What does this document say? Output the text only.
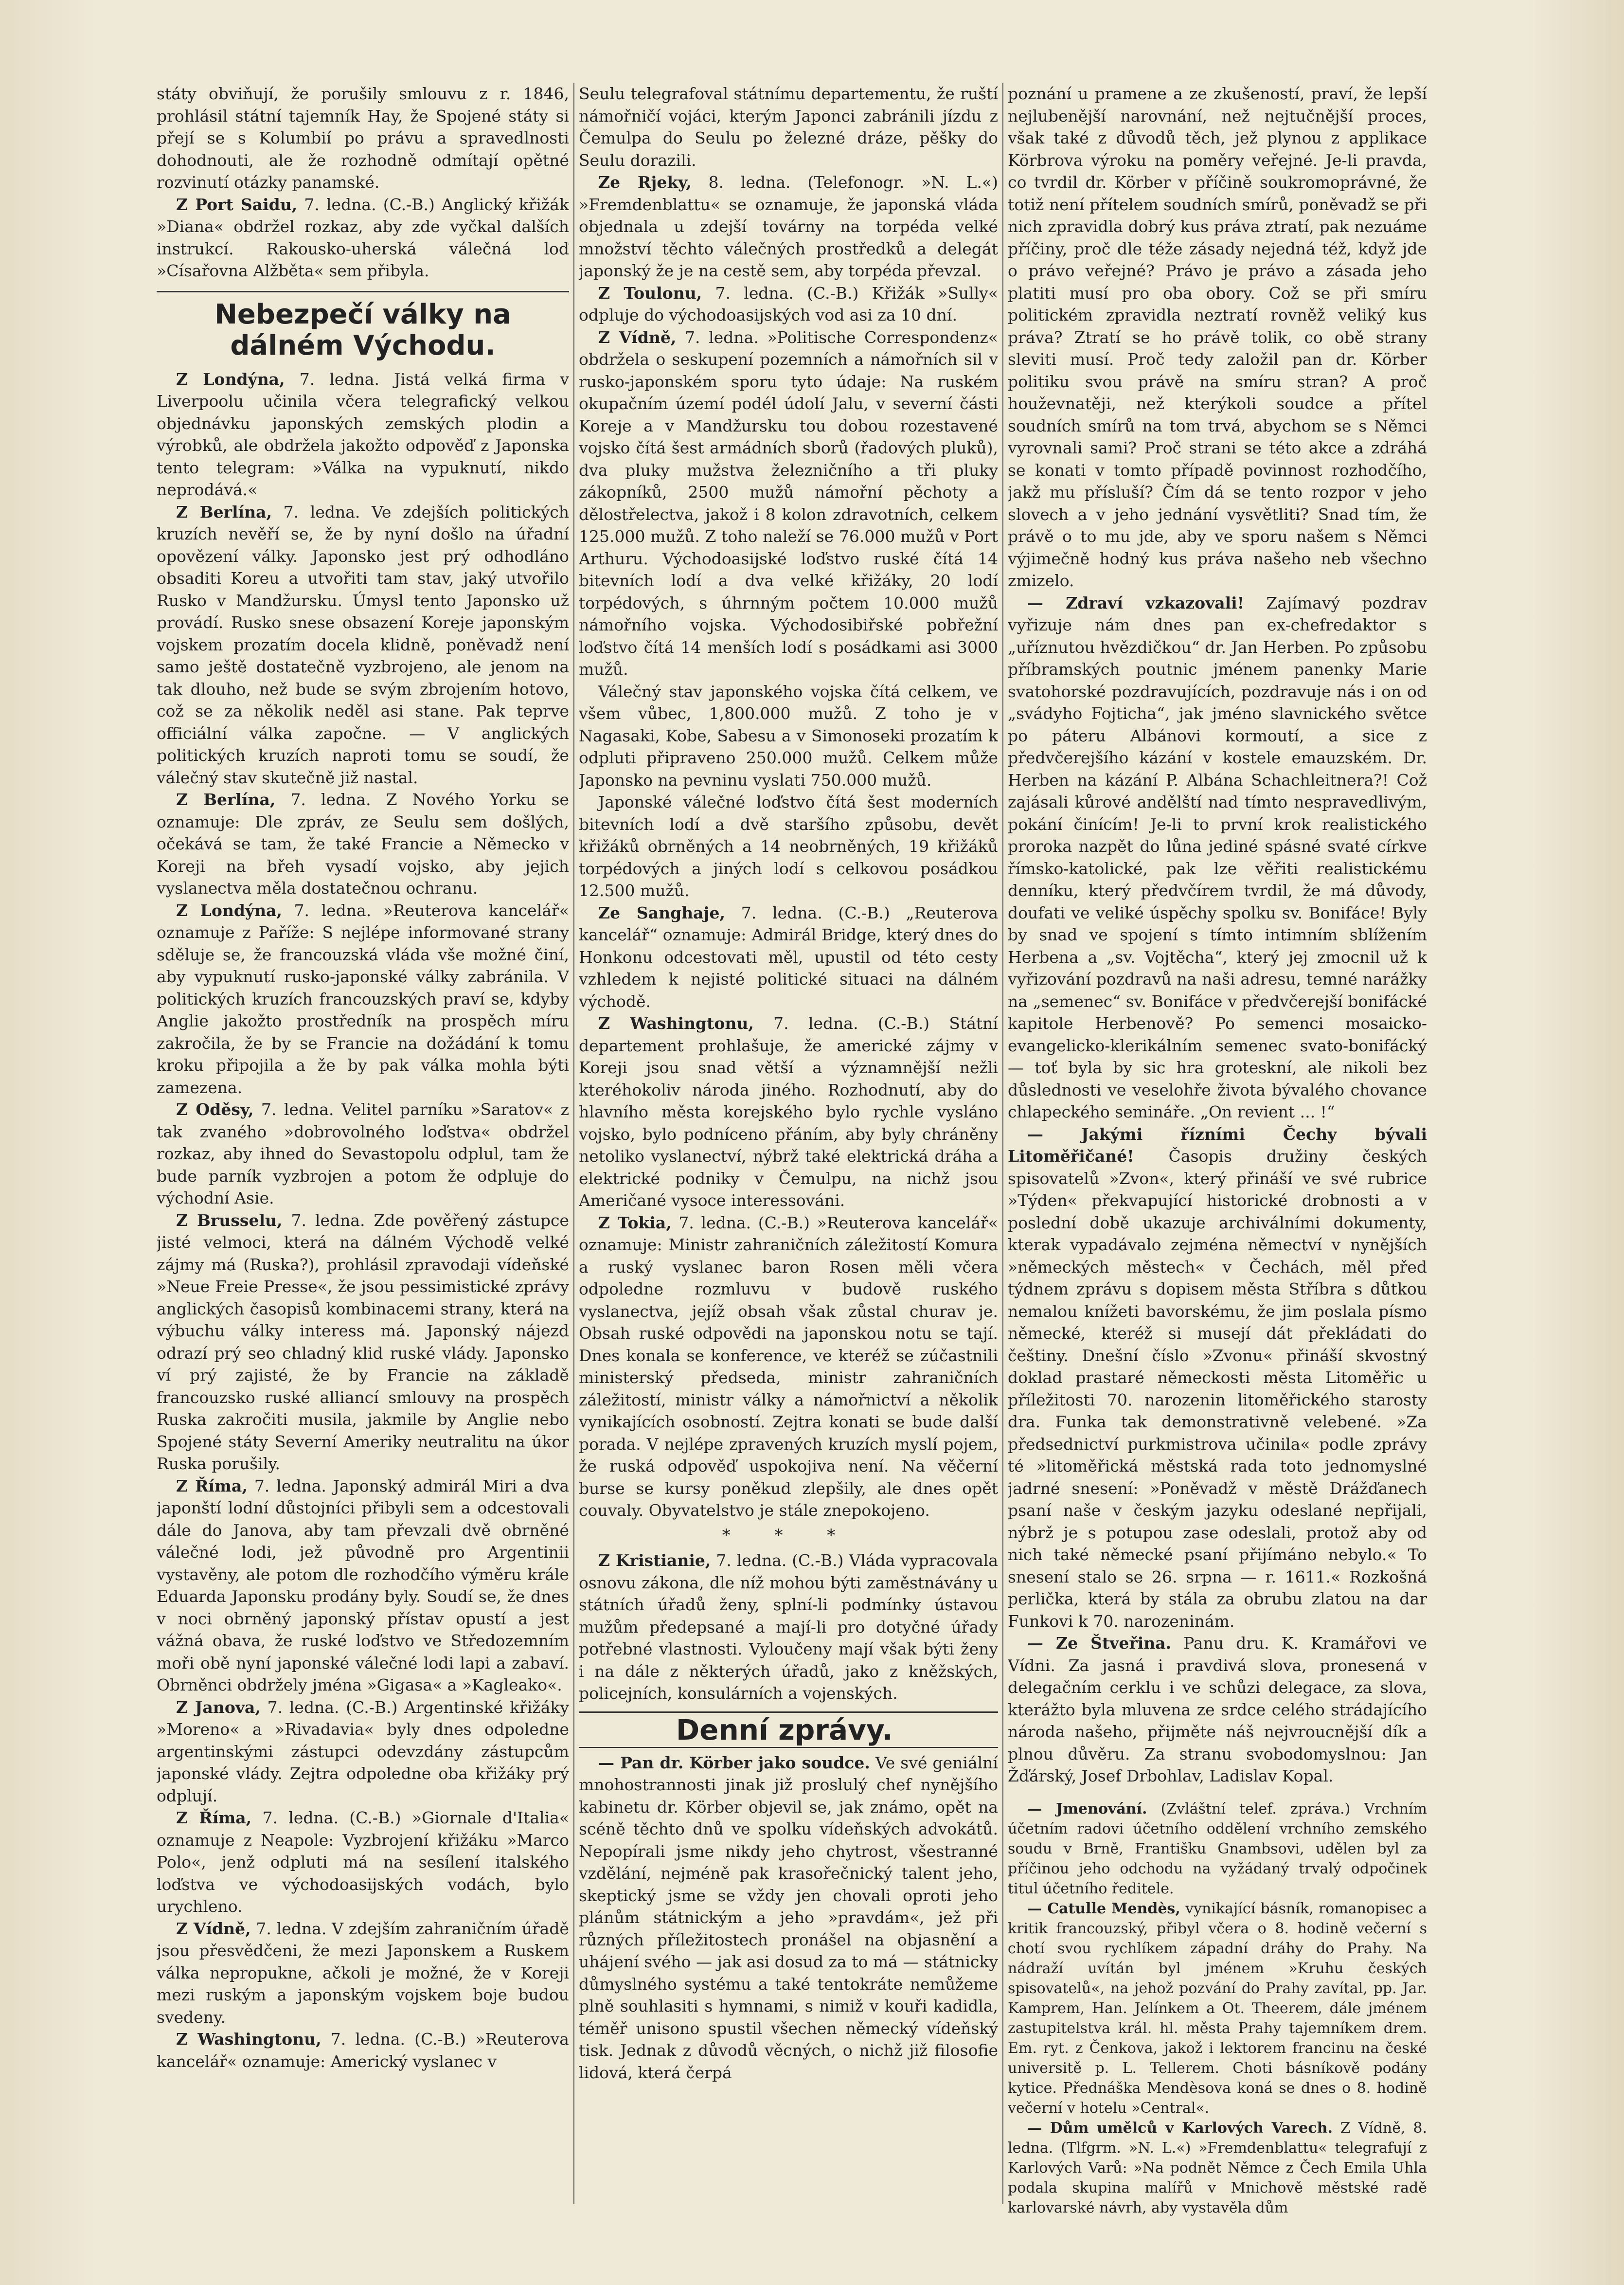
státy obviňují, že porušily smlouvu z r. 1846, prohlásil státní tajemník Hay, že Spojené státy si přejí se s Kolumbií po právu a spravedlnosti dohodnouti, ale že rozhodně odmítají opětné rozvinutí otázky panamské.

Z Port Saidu, 7. ledna. (C.-B.) Anglický křižák »Diana« obdržel rozkaz, aby zde vyčkal dalších instrukcí. Rakousko-uherská válečná loď »Císařovna Alžběta« sem přibyla.

Nebezpečí války na dálném Východu.

Z Londýna, 7. ledna. Jistá velká firma v Liverpoolu učinila včera telegrafický velkou objednávku japonských zemských plodin a výrobků, ale obdržela jakožto odpověď z Japonska tento telegram: »Válka na vypuknutí, nikdo neprodává.«

Z Berlína, 7. ledna. Ve zdejších politických kruzích nevěří se, že by nyní došlo na úřadní opovězení války. Japonsko jest prý odhodláno obsaditi Koreu a utvořiti tam stav, jaký utvořilo Rusko v Mandžursku. Úmysl tento Japonsko už provádí. Rusko snese obsazení Koreje japonským vojskem prozatím docela klidně, poněvadž není samo ještě dostatečně vyzbrojeno, ale jenom na tak dlouho, než bude se svým zbrojením hotovo, což se za několik neděl asi stane. Pak teprve officiální válka započne. — V anglických politických kruzích naproti tomu se soudí, že válečný stav skutečně již nastal.

Z Berlína, 7. ledna. Z Nového Yorku se oznamuje: Dle zpráv, ze Seulu sem došlých, očekává se tam, že také Francie a Německo v Koreji na břeh vysadí vojsko, aby jejich vyslanectva měla dostatečnou ochranu.

Z Londýna, 7. ledna. »Reuterova kancelář« oznamuje z Paříže: S nejlépe informované strany sděluje se, že francouzská vláda vše možné činí, aby vypuknutí rusko-japonské války zabránila. V politických kruzích francouzských praví se, kdyby Anglie jakožto prostředník na prospěch míru zakročila, že by se Francie na dožádání k tomu kroku připojila a že by pak válka mohla býti zamezena.

Z Oděsy, 7. ledna. Velitel parníku »Saratov« z tak zvaného »dobrovolného loďstva« obdržel rozkaz, aby ihned do Sevastopolu odplul, tam že bude parník vyzbrojen a potom že odpluje do východní Asie.

Z Brusselu, 7. ledna. Zde pověřený zástupce jisté velmoci, která na dálném Východě velké zájmy má (Ruska?), prohlásil zpravodaji vídeňské »Neue Freie Presse«, že jsou pessimistické zprávy anglických časopisů kombinacemi strany, která na výbuchu války interess má. Japonský nájezd odrazí prý seo chladný klid ruské vlády. Japonsko ví prý zajisté, že by Francie na základě francouzsko ruské alliancí smlouvy na prospěch Ruska zakročiti musila, jakmile by Anglie nebo Spojené státy Severní Ameriky neutralitu na úkor Ruska porušily.

Z Říma, 7. ledna. Japonský admirál Miri a dva japonští lodní důstojníci přibyli sem a odcestovali dále do Janova, aby tam převzali dvě obrněné válečné lodi, jež původně pro Argentinii vystavěny, ale potom dle rozhodčího výměru krále Eduarda Japonsku prodány byly. Soudí se, že dnes v noci obrněný japonský přístav opustí a jest vážná obava, že ruské loďstvo ve Středozemním moři obě nyní japonské válečné lodi lapi a zabaví. Obrněnci obdržely jména »Gigasa« a »Kagleako«.

Z Janova, 7. ledna. (C.-B.) Argentinské křižáky »Moreno« a »Rivadavia« byly dnes odpoledne argentinskými zástupci odevzdány zástupcům japonské vlády. Zejtra odpoledne oba křižáky prý odplují.

Z Říma, 7. ledna. (C.-B.) »Giornale d'Italia« oznamuje z Neapole: Vyzbrojení křižáku »Marco Polo«, jenž odpluti má na sesílení italského loďstva ve východoasijských vodách, bylo urychleno.

Z Vídně, 7. ledna. V zdejším zahraničním úřadě jsou přesvědčeni, že mezi Japonskem a Ruskem válka nepropukne, ačkoli je možné, že v Koreji mezi ruským a japonským vojskem boje budou svedeny.

Z Washingtonu, 7. ledna. (C.-B.) »Reuterova kancelář« oznamuje: Americký vyslanec v

Seulu telegrafoval státnímu departementu, že ruští námořničí vojáci, kterým Japonci zabránili jízdu z Čemulpa do Seulu po železné dráze, pěšky do Seulu dorazili.

Ze Rjeky, 8. ledna. (Telefonogr. »N. L.«) »Fremdenblattu« se oznamuje, že japonská vláda objednala u zdejší továrny na torpéda velké množství těchto válečných prostředků a delegát japonský že je na cestě sem, aby torpéda převzal.

Z Toulonu, 7. ledna. (C.-B.) Křižák »Sully« odpluje do východoasijských vod asi za 10 dní.

Z Vídně, 7. ledna. »Politische Correspondenz« obdržela o seskupení pozemních a námořních sil v rusko-japonském sporu tyto údaje: Na ruském okupačním území podél údolí Jalu, v severní části Koreje a v Mandžursku tou dobou rozestavené vojsko čítá šest armádních sborů (řadových pluků), dva pluky mužstva železničního a tři pluky zákopníků, 2500 mužů námořní pěchoty a dělostřelectva, jakož i 8 kolon zdravotních, celkem 125.000 mužů. Z toho naleží se 76.000 mužů v Port Arthuru. Východoasijské loďstvo ruské čítá 14 bitevních lodí a dva velké křižáky, 20 lodí torpédových, s úhrnným počtem 10.000 mužů námořního vojska. Východosibiřské pobřežní loďstvo čítá 14 menších lodí s posádkami asi 3000 mužů.

Válečný stav japonského vojska čítá celkem, ve všem vůbec, 1,800.000 mužů. Z toho je v Nagasaki, Kobe, Sabesu a v Simonoseki prozatím k odpluti připraveno 250.000 mužů. Celkem může Japonsko na pevninu vyslati 750.000 mužů.

Japonské válečné loďstvo čítá šest moderních bitevních lodí a dvě staršího způsobu, devět křižáků obrněných a 14 neobrněných, 19 křižáků torpédových a jiných lodí s celkovou posádkou 12.500 mužů.

Ze Sanghaje, 7. ledna. (C.-B.) „Reuterova kancelář“ oznamuje: Admirál Bridge, který dnes do Honkonu odcestovati měl, upustil od této cesty vzhledem k nejisté politické situaci na dálném východě.

Z Washingtonu, 7. ledna. (C.-B.) Státní departement prohlašuje, že americké zájmy v Koreji jsou snad větší a významnější nežli kteréhokoliv národa jiného. Rozhodnutí, aby do hlavního města korejského bylo rychle vysláno vojsko, bylo podníceno přáním, aby byly chráněny netoliko vyslanectví, nýbrž také elektrická dráha a elektrické podniky v Čemulpu, na nichž jsou Američané vysoce interessováni.

Z Tokia, 7. ledna. (C.-B.) »Reuterova kancelář« oznamuje: Ministr zahraničních záležitostí Komura a ruský vyslanec baron Rosen měli včera odpoledne rozmluvu v budově ruského vyslanectva, jejíž obsah však zůstal churav je. Obsah ruské odpovědi na japonskou notu se tají. Dnes konala se konference, ve kteréž se zúčastnili ministerský předseda, ministr zahraničních záležitostí, ministr války a námořnictví a několik vynikajících osobností. Zejtra konati se bude další porada. V nejlépe zpravených kruzích myslí pojem, že ruská odpověď uspokojiva není. Na věčerní burse se kursy poněkud zlepšily, ale dnes opět couvaly. Obyvatelstvo je stále znepokojeno.

* * *

Z Kristianie, 7. ledna. (C.-B.) Vláda vypracovala osnovu zákona, dle níž mohou býti zaměstnávány u státních úřadů ženy, splní-li podmínky ústavou mužům předepsané a mají-li pro dotyčné úřady potřebné vlastnosti. Vyloučeny mají však býti ženy i na dále z některých úřadů, jako z kněžských, policejních, konsulárních a vojenských.

Denní zprávy.

— Pan dr. Körber jako soudce. Ve své geniální mnohostrannosti jinak již proslulý chef nynějšího kabinetu dr. Körber objevil se, jak známo, opět na scéně těchto dnů ve spolku vídeňských advokátů. Nepopírali jsme nikdy jeho chytrost, všestranné vzdělání, nejméně pak krasořečnický talent jeho, skeptický jsme se vždy jen chovali oproti jeho plánům státnickým a jeho »pravdám«, jež při různých příležitostech pronášel na objasnění a uhájení svého — jak asi dosud za to má — státnicky důmyslného systému a také tentokráte nemůžeme plně souhlasiti s hymnami, s nimiž v kouři kadidla, téměř unisono spustil všechen německý vídeňský tisk. Jednak z důvodů věcných, o nichž již filosofie lidová, která čerpá

poznání u pramene a ze zkušeností, praví, že lepší nejlubenější narovnání, než nejtučnější proces, však také z důvodů těch, jež plynou z applikace Körbrova výroku na poměry veřejné. Je-li pravda, co tvrdil dr. Körber v příčině soukromoprávné, že totiž není přítelem soudních smírů, poněvadž se při nich zpravidla dobrý kus práva ztratí, pak nezuáme příčiny, proč dle téže zásady nejedná též, když jde o právo veřejné? Právo je právo a zásada jeho platiti musí pro oba obory. Což se při smíru politickém zpravidla neztratí rovněž veliký kus práva? Ztratí se ho právě tolik, co obě strany sleviti musí. Proč tedy založil pan dr. Körber politiku svou právě na smíru stran? A proč houževnatěji, než kterýkoli soudce a přítel soudních smírů na tom trvá, abychom se s Němci vyrovnali sami? Proč strani se této akce a zdráhá se konati v tomto případě povinnost rozhodčího, jakž mu přísluší? Čím dá se tento rozpor v jeho slovech a v jeho jednání vysvětliti? Snad tím, že právě o to mu jde, aby ve sporu našem s Němci výjimečně hodný kus práva našeho neb všechno zmizelo.

— Zdraví vzkazovali! Zajímavý pozdrav vyřizuje nám dnes pan ex-chefredaktor s „uříznutou hvězdičkou“ dr. Jan Herben. Po způsobu příbramských poutnic jménem panenky Marie svatohorské pozdravujících, pozdravuje nás i on od „svádyho Fojticha“, jak jméno slavnického světce po páteru Albánovi kormoutí, a sice z předvčerejšího kázání v kostele emauzském. Dr. Herben na kázání P. Albána Schachleitnera?! Což zajásali kůrové andělští nad tímto nespravedlivým, pokání činícím! Je-li to první krok realistického proroka nazpět do lůna jediné spásné svaté církve římsko-katolické, pak lze věřiti realistickému denníku, který předvčírem tvrdil, že má důvody, doufati ve veliké úspěchy spolku sv. Bonifáce! Byly by snad ve spojení s tímto intimním sblížením Herbena a „sv. Vojtěcha“, který jej zmocnil už k vyřizování pozdravů na naši adresu, temné narážky na „semenec“ sv. Bonifáce v předvčerejší bonifácké kapitole Herbenově? Po semenci mosaicko-evangelicko-klerikálním semenec svato-bonifácký — toť byla by sic hra groteskní, ale nikoli bez důslednosti ve veselohře života bývalého chovance chlapeckého semináře. „On revient ... !“

— Jakými řízními Čechy bývali Litoměřičané! Časopis družiny českých spisovatelů »Zvon«, který přináší ve své rubrice »Týden« překvapující historické drobnosti a v poslední době ukazuje archiválními dokumenty, kterak vypadávalo zejména němectví v nynějších »německých městech« v Čechách, měl před týdnem zprávu s dopisem města Stříbra s důtkou nemalou knížeti bavorskému, že jim poslala písmo německé, kteréž si musejí dát překládati do češtiny. Dnešní číslo »Zvonu« přináší skvostný doklad prastaré německosti města Litoměřic u příležitosti 70. narozenin litoměřického starosty dra. Funka tak demonstrativně velebené. »Za předsednictví purkmistrova učinila« podle zprávy té »litoměřická městská rada toto jednomyslné jadrné snesení: »Poněvadž v městě Drážďanech psaní naše v českým jazyku odeslané nepřijali, nýbrž je s potupou zase odeslali, protož aby od nich také německé psaní přijímáno nebylo.« To snesení stalo se 26. srpna — r. 1611.« Rozkošná perlička, která by stála za obrubu zlatou na dar Funkovi k 70. narozeninám.

— Ze Štveřina. Panu dru. K. Kramářovi ve Vídni. Za jasná i pravdivá slova, pronesená v delegačním cerklu i ve schůzi delegace, za slova, kterážto byla mluvena ze srdce celého strádajícího národa našeho, přijměte náš nejvroucnější dík a plnou důvěru. Za stranu svobodomyslnou: Jan Žďárský, Josef Drbohlav, Ladislav Kopal.

— Jmenování. (Zvláštní telef. zpráva.) Vrchním účetním radovi účetního oddělení vrchního zemského soudu v Brně, Františku Gnambsovi, udělen byl za příčinou jeho odchodu na vyžádaný trvalý odpočinek titul účetního ředitele.

— Catulle Mendès, vynikající básník, romanopisec a kritik francouzský, přibyl včera o 8. hodině večerní s chotí svou rychlíkem západní dráhy do Prahy. Na nádraží uvítán byl jménem »Kruhu českých spisovatelů«, na jehož pozvání do Prahy zavítal, pp. Jar. Kamprem, Han. Jelínkem a Ot. Theerem, dále jménem zastupitelstva král. hl. města Prahy tajemníkem drem. Em. ryt. z Čenkova, jakož i lektorem francinu na české universitě p. L. Tellerem. Choti básníkově podány kytice. Přednáška Mendèsova koná se dnes o 8. hodině večerní v hotelu »Central«.

— Dům umělců v Karlových Varech. Z Vídně, 8. ledna. (Tlfgrm. »N. L.«) »Fremdenblattu« telegrafují z Karlových Varů: »Na podnět Němce z Čech Emila Uhla podala skupina malířů v Mnichově městské radě karlovarské návrh, aby vystavěla dům
